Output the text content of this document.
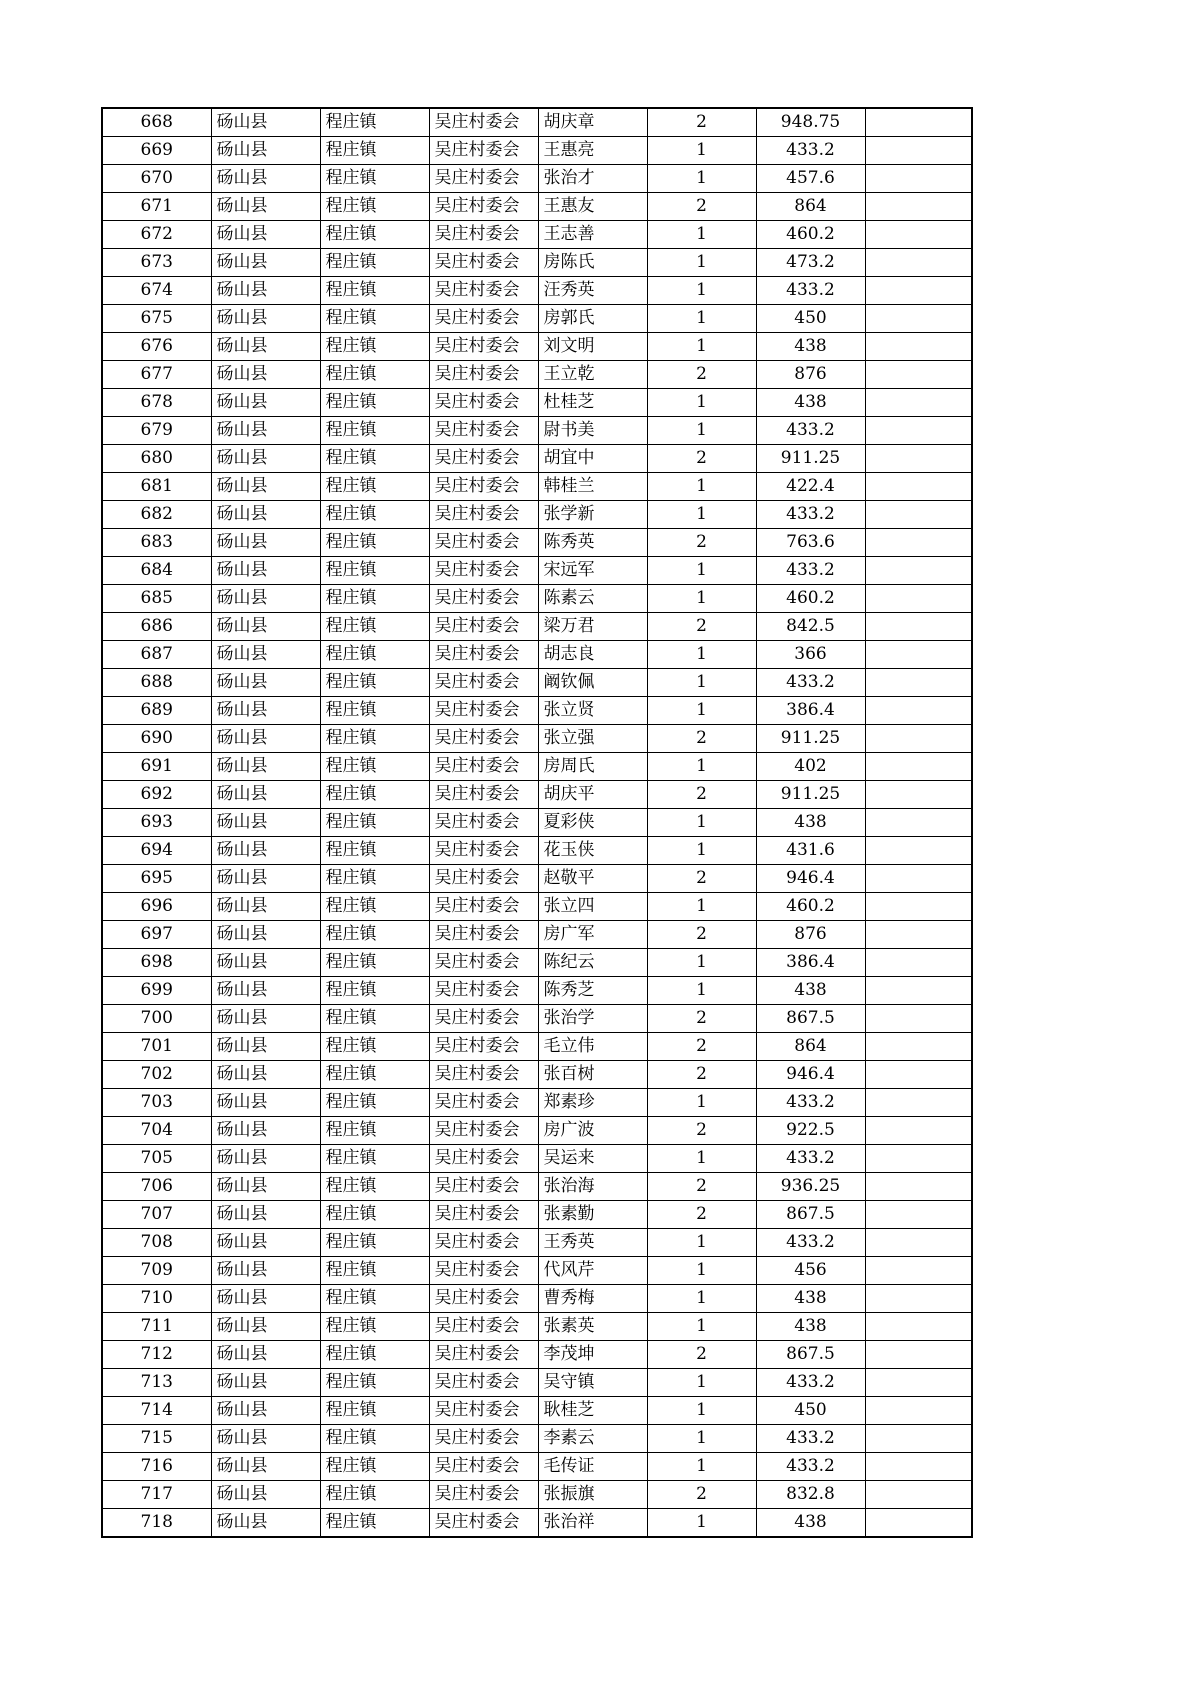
668	砀山县	程庄镇	吴庄村委会	胡庆章	2	948.75	
669	砀山县	程庄镇	吴庄村委会	王惠亮	1	433.2	
670	砀山县	程庄镇	吴庄村委会	张治才	1	457.6	
671	砀山县	程庄镇	吴庄村委会	王惠友	2	864	
672	砀山县	程庄镇	吴庄村委会	王志善	1	460.2	
673	砀山县	程庄镇	吴庄村委会	房陈氏	1	473.2	
674	砀山县	程庄镇	吴庄村委会	汪秀英	1	433.2	
675	砀山县	程庄镇	吴庄村委会	房郭氏	1	450	
676	砀山县	程庄镇	吴庄村委会	刘文明	1	438	
677	砀山县	程庄镇	吴庄村委会	王立乾	2	876	
678	砀山县	程庄镇	吴庄村委会	杜桂芝	1	438	
679	砀山县	程庄镇	吴庄村委会	尉书美	1	433.2	
680	砀山县	程庄镇	吴庄村委会	胡宜中	2	911.25	
681	砀山县	程庄镇	吴庄村委会	韩桂兰	1	422.4	
682	砀山县	程庄镇	吴庄村委会	张学新	1	433.2	
683	砀山县	程庄镇	吴庄村委会	陈秀英	2	763.6	
684	砀山县	程庄镇	吴庄村委会	宋远军	1	433.2	
685	砀山县	程庄镇	吴庄村委会	陈素云	1	460.2	
686	砀山县	程庄镇	吴庄村委会	梁万君	2	842.5	
687	砀山县	程庄镇	吴庄村委会	胡志良	1	366	
688	砀山县	程庄镇	吴庄村委会	阚钦佩	1	433.2	
689	砀山县	程庄镇	吴庄村委会	张立贤	1	386.4	
690	砀山县	程庄镇	吴庄村委会	张立强	2	911.25	
691	砀山县	程庄镇	吴庄村委会	房周氏	1	402	
692	砀山县	程庄镇	吴庄村委会	胡庆平	2	911.25	
693	砀山县	程庄镇	吴庄村委会	夏彩侠	1	438	
694	砀山县	程庄镇	吴庄村委会	花玉侠	1	431.6	
695	砀山县	程庄镇	吴庄村委会	赵敬平	2	946.4	
696	砀山县	程庄镇	吴庄村委会	张立四	1	460.2	
697	砀山县	程庄镇	吴庄村委会	房广军	2	876	
698	砀山县	程庄镇	吴庄村委会	陈纪云	1	386.4	
699	砀山县	程庄镇	吴庄村委会	陈秀芝	1	438	
700	砀山县	程庄镇	吴庄村委会	张治学	2	867.5	
701	砀山县	程庄镇	吴庄村委会	毛立伟	2	864	
702	砀山县	程庄镇	吴庄村委会	张百树	2	946.4	
703	砀山县	程庄镇	吴庄村委会	郑素珍	1	433.2	
704	砀山县	程庄镇	吴庄村委会	房广波	2	922.5	
705	砀山县	程庄镇	吴庄村委会	吴运来	1	433.2	
706	砀山县	程庄镇	吴庄村委会	张治海	2	936.25	
707	砀山县	程庄镇	吴庄村委会	张素勤	2	867.5	
708	砀山县	程庄镇	吴庄村委会	王秀英	1	433.2	
709	砀山县	程庄镇	吴庄村委会	代风芹	1	456	
710	砀山县	程庄镇	吴庄村委会	曹秀梅	1	438	
711	砀山县	程庄镇	吴庄村委会	张素英	1	438	
712	砀山县	程庄镇	吴庄村委会	李茂坤	2	867.5	
713	砀山县	程庄镇	吴庄村委会	吴守镇	1	433.2	
714	砀山县	程庄镇	吴庄村委会	耿桂芝	1	450	
715	砀山县	程庄镇	吴庄村委会	李素云	1	433.2	
716	砀山县	程庄镇	吴庄村委会	毛传证	1	433.2	
717	砀山县	程庄镇	吴庄村委会	张振旗	2	832.8	
718	砀山县	程庄镇	吴庄村委会	张治祥	1	438	
